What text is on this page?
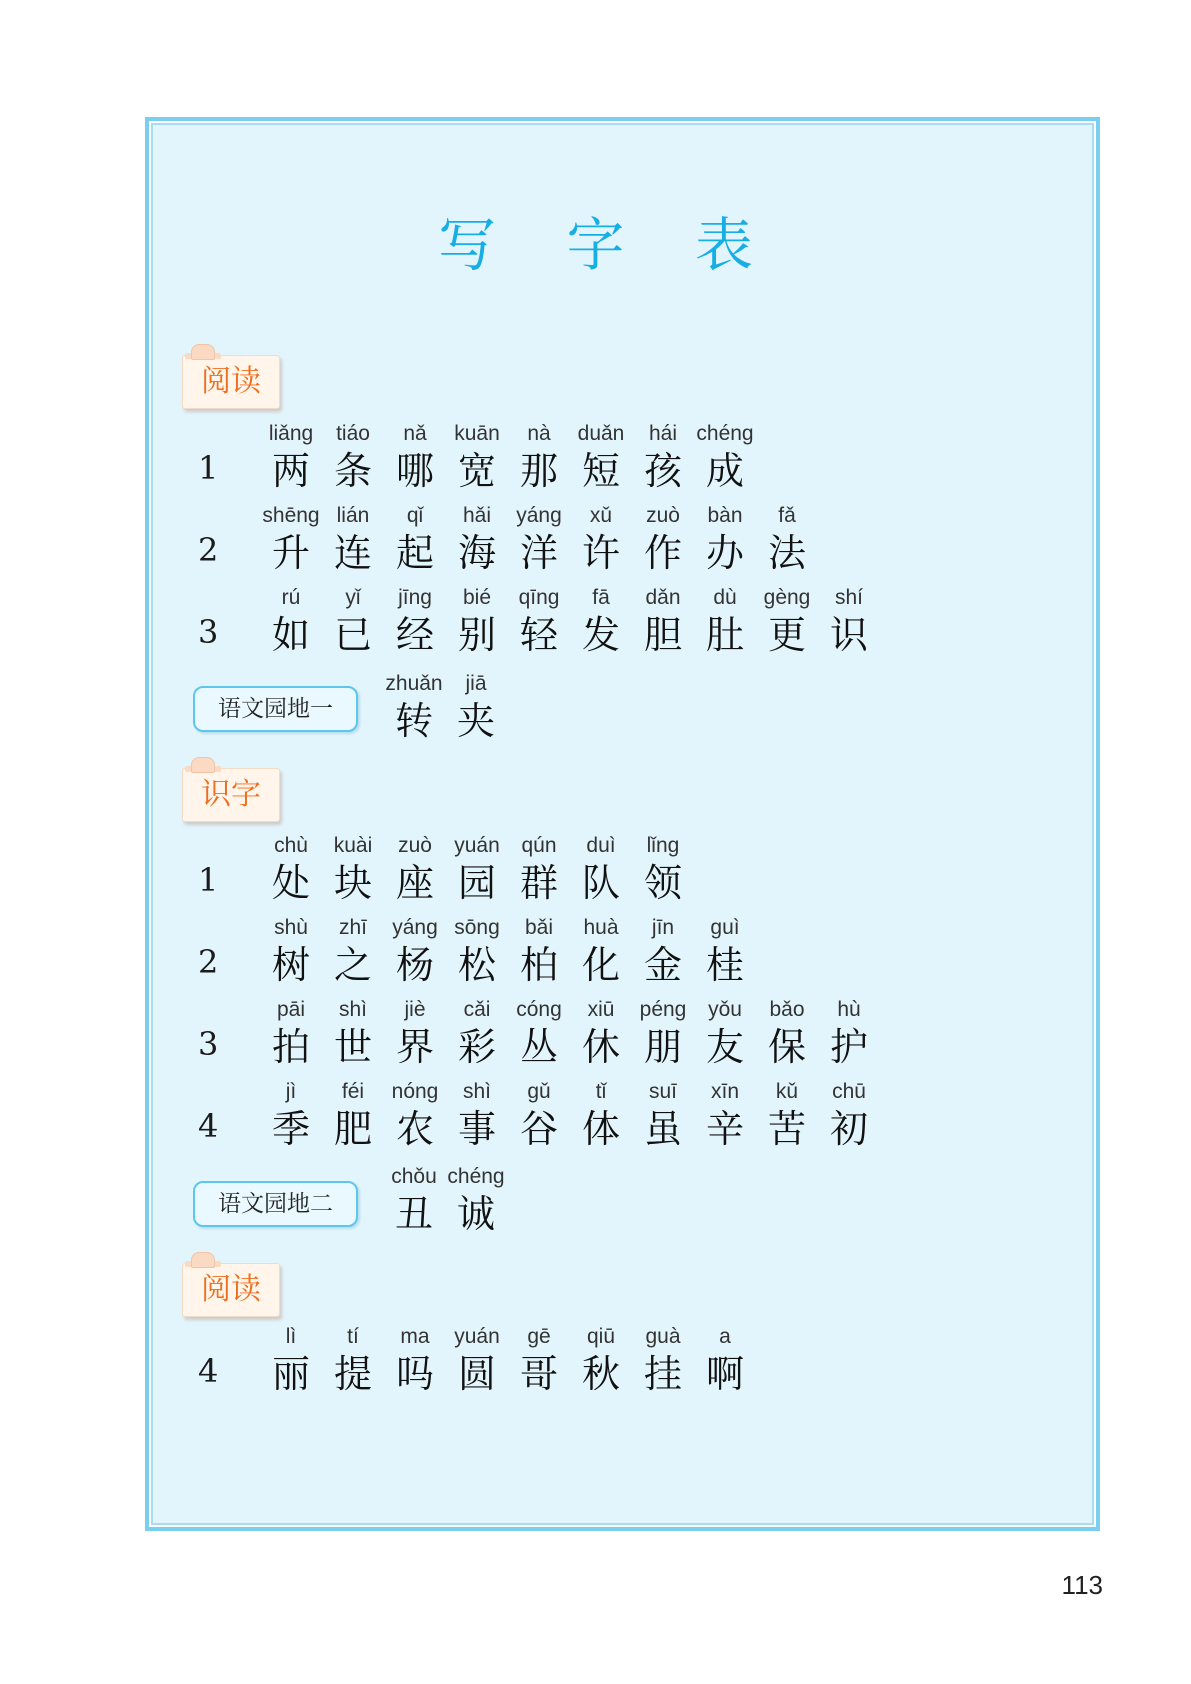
写 字 表
阅读
1
liǎng
两
tiáo
条
nǎ
哪
kuān
宽
nà
那
duǎn
短
hái
孩
chéng
成
2
shēng
升
lián
连
qǐ
起
hǎi
海
yáng
洋
xǔ
许
zuò
作
bàn
办
fǎ
法
3
rú
如
yǐ
已
jīng
经
bié
别
qīng
轻
fā
发
dǎn
胆
dù
肚
gèng
更
shí
识
语文园地一
zhuǎn
转
jiā
夹
识字
1
chù
处
kuài
块
zuò
座
yuán
园
qún
群
duì
队
lǐng
领
2
shù
树
zhī
之
yáng
杨
sōng
松
bǎi
柏
huà
化
jīn
金
guì
桂
3
pāi
拍
shì
世
jiè
界
cǎi
彩
cóng
丛
xiū
休
péng
朋
yǒu
友
bǎo
保
hù
护
4
jì
季
féi
肥
nóng
农
shì
事
gǔ
谷
tǐ
体
suī
虽
xīn
辛
kǔ
苦
chū
初
语文园地二
chǒu
丑
chéng
诚
阅读
4
lì
丽
tí
提
ma
吗
yuán
圆
gē
哥
qiū
秋
guà
挂
a
啊
113
